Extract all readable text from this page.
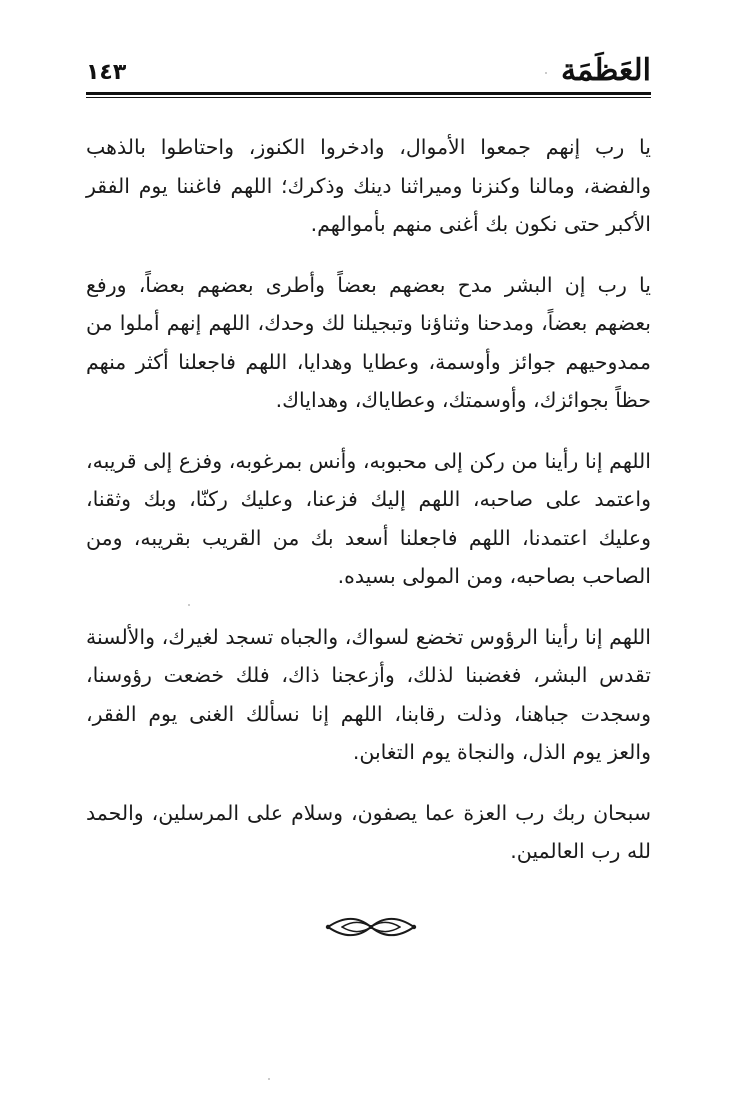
العَظَمَة
١٤٣

يا رب إنهم جمعوا الأموال، وادخروا الكنوز، واحتاطوا بالذهب والفضة، ومالنا وكنزنا وميراثنا دينك وذكرك؛ اللهم فاغننا يوم الفقر الأكبر حتى نكون بك أغنى منهم بأموالهم.

يا رب إن البشر مدح بعضهم بعضاً وأطرى بعضهم بعضاً، ورفع بعضهم بعضاً، ومدحنا وثناؤنا وتبجيلنا لك وحدك، اللهم إنهم أملوا من ممدوحيهم جوائز وأوسمة، وعطايا وهدايا، اللهم فاجعلنا أكثر منهم حظاً بجوائزك، وأوسمتك، وعطاياك، وهداياك.

اللهم إنا رأينا من ركن إلى محبوبه، وأنس بمرغوبه، وفزع إلى قريبه، واعتمد على صاحبه، اللهم إليك فزعنا، وعليك ركنّا، وبك وثقنا، وعليك اعتمدنا، اللهم فاجعلنا أسعد بك من القريب بقريبه، ومن الصاحب بصاحبه، ومن المولى بسيده.

اللهم إنا رأينا الرؤوس تخضع لسواك، والجباه تسجد لغيرك، والألسنة تقدس البشر، فغضبنا لذلك، وأزعجنا ذاك، فلك خضعت رؤوسنا، وسجدت جباهنا، وذلت رقابنا، اللهم إنا نسألك الغنى يوم الفقر، والعز يوم الذل، والنجاة يوم التغابن.

سبحان ربك رب العزة عما يصفون، وسلام على المرسلين، والحمد لله رب العالمين.
